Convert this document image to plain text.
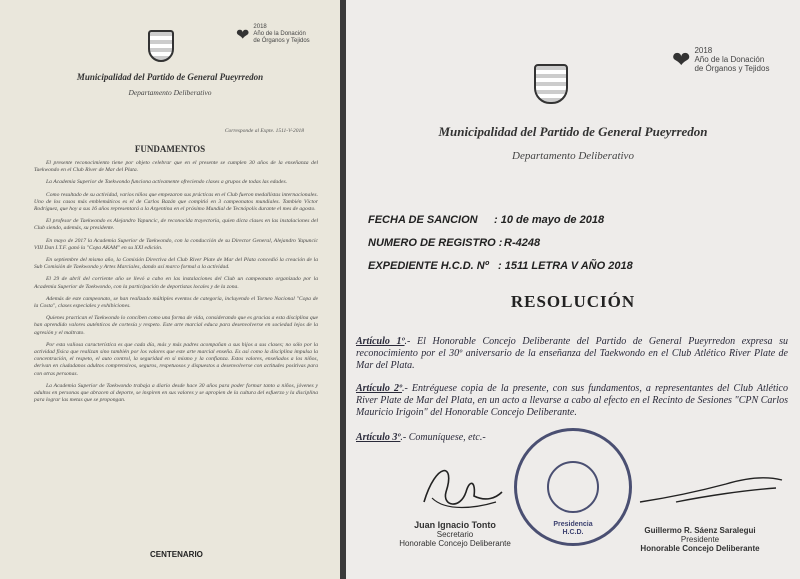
❤ 2018
Año de la Donación
de Órganos y Tejidos
Municipalidad del Partido de General Pueyrredon
Departamento Deliberativo
Corresponde al Expte. 1511-V-2018
FUNDAMENTOS

El presente reconocimiento tiene por objeto celebrar que en el presente se cumplen 30 años de la enseñanza del Taekwondo en el Club River de Mar del Plata.

La Academia Superior de Taekwondo funciona activamente ofreciendo clases a grupos de todas las edades.

Como resultado de su actividad, varios niños que empezaron sus prácticas en el Club fueron medallistas internacionales. Uno de los casos más emblemáticos es el de Carlos Bazán que compitió en 3 campeonatos mundiales. También Víctor Rodríguez, que hoy a sus 16 años representará a la Argentina en el próximo Mundial de Tecnópolis durante el mes de agosto.

El profesor de Taekwondo es Alejandro Yapuncic, de reconocida trayectoria, quien dicta clases en las instalaciones del Club siendo, además, su presidente.

En mayo de 2017 la Academia Superior de Taekwondo, con la conducción de su Director General, Alejandro Yapuncic VIII Dan I.T.F. ganó la "Copa AKAM" en su XXI edición.

En septiembre del mismo año, la Comisión Directiva del Club River Plate de Mar del Plata concedió la creación de la Sub Comisión de Taekwondo y Artes Marciales, dando así marco formal a la actividad.

El 29 de abril del corriente año se llevó a cabo en las instalaciones del Club un campeonato organizado por la Academia Superior de Taekwondo, con la participación de deportistas locales y de la zona.

Además de este campeonato, se han realizado múltiples eventos de categoría, incluyendo el Torneo Nacional "Copa de la Costa", clases especiales y exhibiciones.

Quienes practican el Taekwondo lo conciben como una forma de vida, considerando que es gracias a esta disciplina que han aprendido valores auténticos de cortesía y respeto. Este arte marcial educa para desenvolverse en sociedad lejos de la agresión y el maltrato.

Por esta valiosa característica es que cada día, más y más padres acompañan a sus hijos a sus clases; no sólo por la actividad física que realizan sino también por los valores que este arte marcial enseña. Es así como la disciplina impulsa la concentración, el respeto, el auto control, la seguridad en sí mismo y la confianza. Estos valores, enseñados a los niños, derivan en ciudadanos adultos comprensivos, seguros, respetuosos y dispuestos a desenvolverse con actitudes positivas para con otras personas.

La Academia Superior de Taekwondo trabaja a diario desde hace 30 años para poder formar tanto a niños, jóvenes y adultos en personas que abracen al deporte, se inspiren en sus valores y se apropien de la cultura del esfuerzo y la disciplina para lograr las metas que se propongan.

CENTENARIO
❤ 2018
Año de la Donación
de Órganos y Tejidos
Municipalidad del Partido de General Pueyrredon
Departamento Deliberativo
FECHA DE SANCION : 10 de mayo de 2018
NUMERO DE REGISTRO : R-4248
EXPEDIENTE H.C.D. Nº : 1511 LETRA V AÑO 2018
RESOLUCIÓN
Artículo 1º.- El Honorable Concejo Deliberante del Partido de General Pueyrredon expresa su reconocimiento por el 30º aniversario de la enseñanza del Taekwondo en el Club Atlético River Plate de Mar del Plata.
Artículo 2º.- Entréguese copia de la presente, con sus fundamentos, a representantes del Club Atlético River Plate de Mar del Plata, en un acto a llevarse a cabo al efecto en el Recinto de Sesiones "CPN Carlos Mauricio Irigoin" del Honorable Concejo Deliberante.
Artículo 3º.- Comuníquese, etc.-
Juan Ignacio Tonto
Secretario
Honorable Concejo Deliberante
Presidencia
H.C.D.	Guillermo R. Sáenz Saralegui
Presidente
Honorable Concejo Deliberante
